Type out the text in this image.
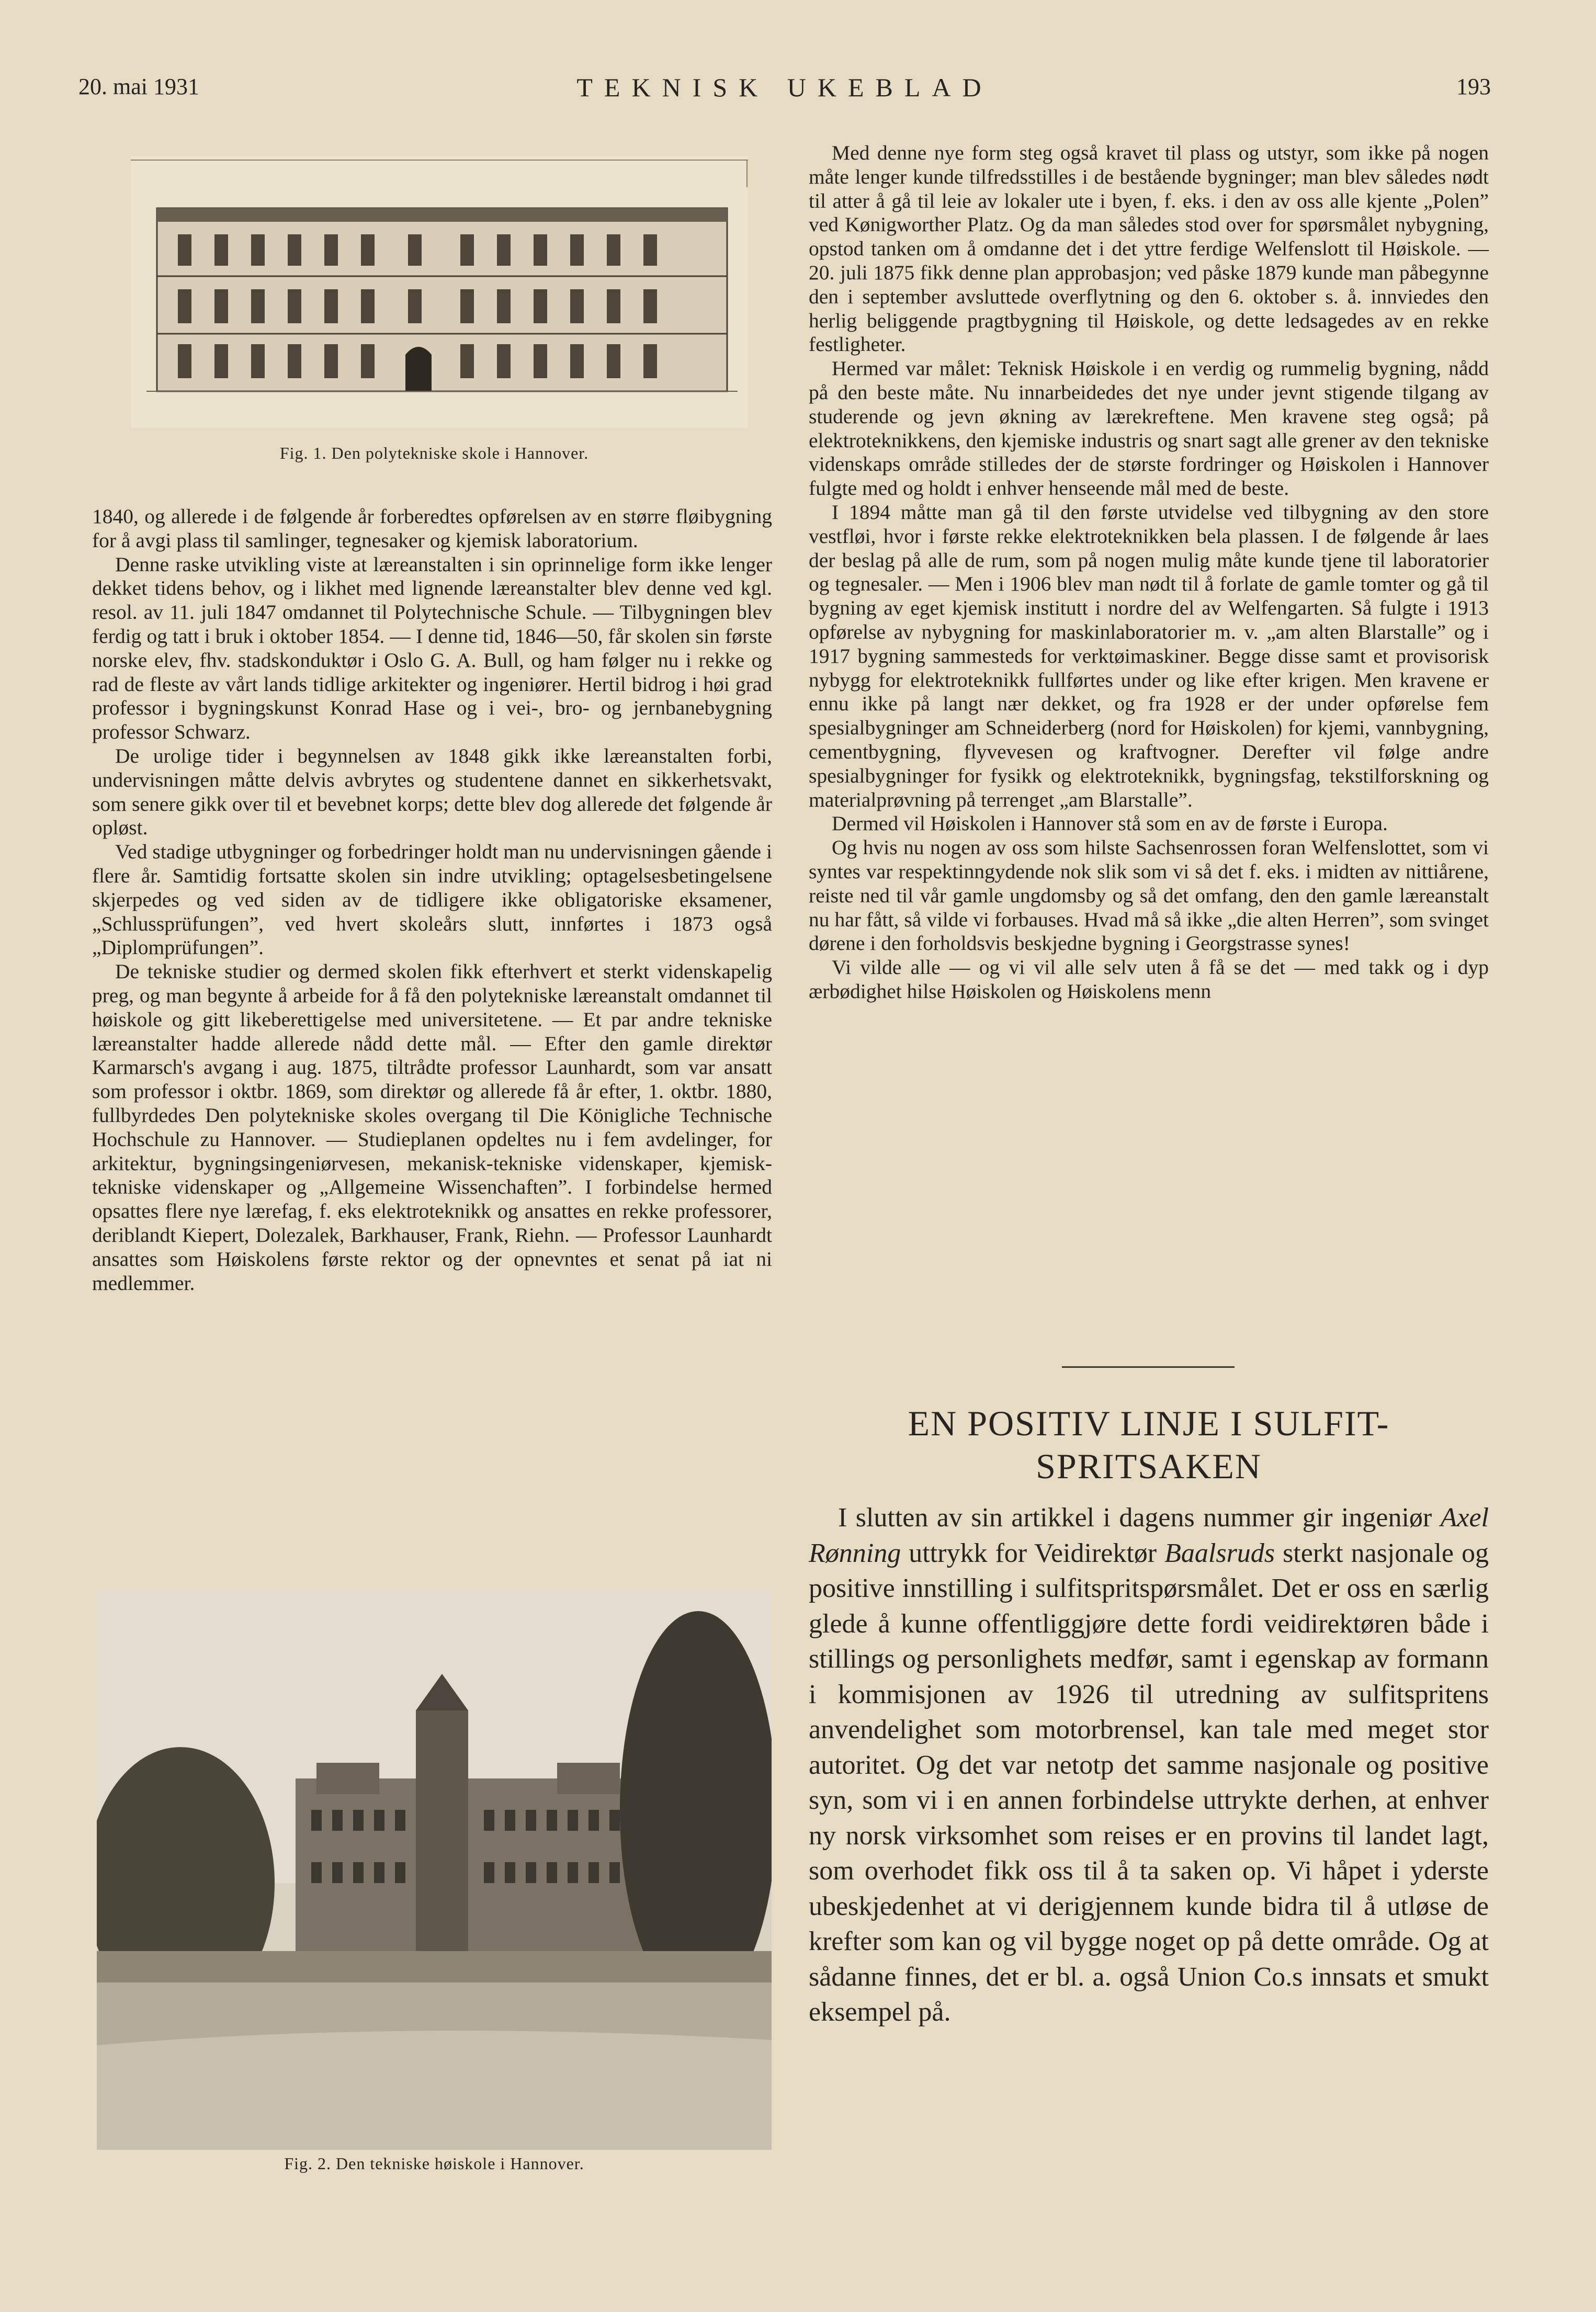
20. mai 1931	TEKNISK UKEBLAD	193
Fig. 1. Den polytekniske skole i Hannover.

1840, og allerede i de følgende år forberedtes opførelsen av en større fløibygning for å avgi plass til samlinger, tegnesaker og kjemisk laboratorium.

Denne raske utvikling viste at læreanstalten i sin oprinnelige form ikke lenger dekket tidens behov, og i likhet med lignende læreanstalter blev denne ved kgl. resol. av 11. juli 1847 omdannet til Polytechnische Schule. — Tilbygningen blev ferdig og tatt i bruk i oktober 1854. — I denne tid, 1846—50, får skolen sin første norske elev, fhv. stadskonduktør i Oslo G. A. Bull, og ham følger nu i rekke og rad de fleste av vårt lands tidlige arkitekter og ingeniører. Hertil bidrog i høi grad professor i bygningskunst Konrad Hase og i vei-, bro- og jernbanebygning professor Schwarz.

De urolige tider i begynnelsen av 1848 gikk ikke læreanstalten forbi, undervisningen måtte delvis avbrytes og studentene dannet en sikkerhetsvakt, som senere gikk over til et bevebnet korps; dette blev dog allerede det følgende år opløst.

Ved stadige utbygninger og forbedringer holdt man nu undervisningen gående i flere år. Samtidig fortsatte skolen sin indre utvikling; optagelsesbetingelsene skjerpedes og ved siden av de tidligere ikke obligatoriske eksamener, „Schlussprüfungen”, ved hvert skoleårs slutt, innførtes i 1873 også „Diplomprüfungen”.

De tekniske studier og dermed skolen fikk efterhvert et sterkt videnskapelig preg, og man begynte å arbeide for å få den polytekniske læreanstalt omdannet til høiskole og gitt likeberettigelse med universitetene. — Et par andre tekniske læreanstalter hadde allerede nådd dette mål. — Efter den gamle direktør Karmarsch's avgang i aug. 1875, tiltrådte professor Launhardt, som var ansatt som professor i oktbr. 1869, som direktør og allerede få år efter, 1. oktbr. 1880, fullbyrdedes Den polytekniske skoles overgang til Die Königliche Technische Hochschule zu Hannover. — Studieplanen opdeltes nu i fem avdelinger, for arkitektur, bygningsingeniørvesen, mekanisk-tekniske videnskaper, kjemisk-tekniske videnskaper og „Allgemeine Wissenchaften”. I forbindelse hermed opsattes flere nye lærefag, f. eks elektroteknikk og ansattes en rekke professorer, deriblandt Kiepert, Dolezalek, Barkhauser, Frank, Riehn. — Professor Launhardt ansattes som Høiskolens første rektor og der opnevntes et senat på iat ni medlemmer.

Fig. 2. Den tekniske høiskole i Hannover.

Med denne nye form steg også kravet til plass og utstyr, som ikke på nogen måte lenger kunde tilfredsstilles i de bestående bygninger; man blev således nødt til atter å gå til leie av lokaler ute i byen, f. eks. i den av oss alle kjente „Polen” ved Kønigworther Platz. Og da man således stod over for spørsmålet nybygning, opstod tanken om å omdanne det i det yttre ferdige Welfenslott til Høiskole. — 20. juli 1875 fikk denne plan approbasjon; ved påske 1879 kunde man påbegynne den i september avsluttede overflytning og den 6. oktober s. å. innviedes den herlig beliggende pragtbygning til Høiskole, og dette ledsagedes av en rekke festligheter.

Hermed var målet: Teknisk Høiskole i en verdig og rummelig bygning, nådd på den beste måte. Nu innarbeidedes det nye under jevnt stigende tilgang av studerende og jevn økning av lærekreftene. Men kravene steg også; på elektroteknikkens, den kjemiske industris og snart sagt alle grener av den tekniske videnskaps område stilledes der de største fordringer og Høiskolen i Hannover fulgte med og holdt i enhver henseende mål med de beste.

I 1894 måtte man gå til den første utvidelse ved tilbygning av den store vestfløi, hvor i første rekke elektroteknikken bela plassen. I de følgende år laes der beslag på alle de rum, som på nogen mulig måte kunde tjene til laboratorier og tegnesaler. — Men i 1906 blev man nødt til å forlate de gamle tomter og gå til bygning av eget kjemisk institutt i nordre del av Welfengarten. Så fulgte i 1913 opførelse av nybygning for maskinlaboratorier m. v. „am alten Blarstalle” og i 1917 bygning sammesteds for verktøimaskiner. Begge disse samt et provisorisk nybygg for elektroteknikk fullførtes under og like efter krigen. Men kravene er ennu ikke på langt nær dekket, og fra 1928 er der under opførelse fem spesialbygninger am Schneiderberg (nord for Høiskolen) for kjemi, vannbygning, cementbygning, flyvevesen og kraftvogner. Derefter vil følge andre spesialbygninger for fysikk og elektroteknikk, bygningsfag, tekstilforskning og materialprøvning på terrenget „am Blarstalle”.

Dermed vil Høiskolen i Hannover stå som en av de første i Europa.

Og hvis nu nogen av oss som hilste Sachsenrossen foran Welfenslottet, som vi syntes var respektinngydende nok slik som vi så det f. eks. i midten av nittiårene, reiste ned til vår gamle ungdomsby og så det omfang, den den gamle læreanstalt nu har fått, så vilde vi forbauses. Hvad må så ikke „die alten Herren”, som svinget dørene i den forholdsvis beskjedne bygning i Georgstrasse synes!

Vi vilde alle — og vi vil alle selv uten å få se det — med takk og i dyp ærbødighet hilse Høiskolen og Høiskolens menn

EN POSITIV LINJE I SULFIT-
SPRITSAKEN

I slutten av sin artikkel i dagens nummer gir ingeniør Axel Rønning uttrykk for Veidirektør Baalsruds sterkt nasjonale og positive innstilling i sulfitspritspørsmålet. Det er oss en særlig glede å kunne offentliggjøre dette fordi veidirektøren både i stillings og personlighets medfør, samt i egenskap av formann i kommisjonen av 1926 til utredning av sulfitspritens anvendelighet som motorbrensel, kan tale med meget stor autoritet. Og det var netotp det samme nasjonale og positive syn, som vi i en annen forbindelse uttrykte derhen, at enhver ny norsk virksomhet som reises er en provins til landet lagt, som overhodet fikk oss til å ta saken op. Vi håpet i yderste ubeskjedenhet at vi derigjennem kunde bidra til å utløse de krefter som kan og vil bygge noget op på dette område. Og at sådanne finnes, det er bl. a. også Union Co.s innsats et smukt eksempel på.
